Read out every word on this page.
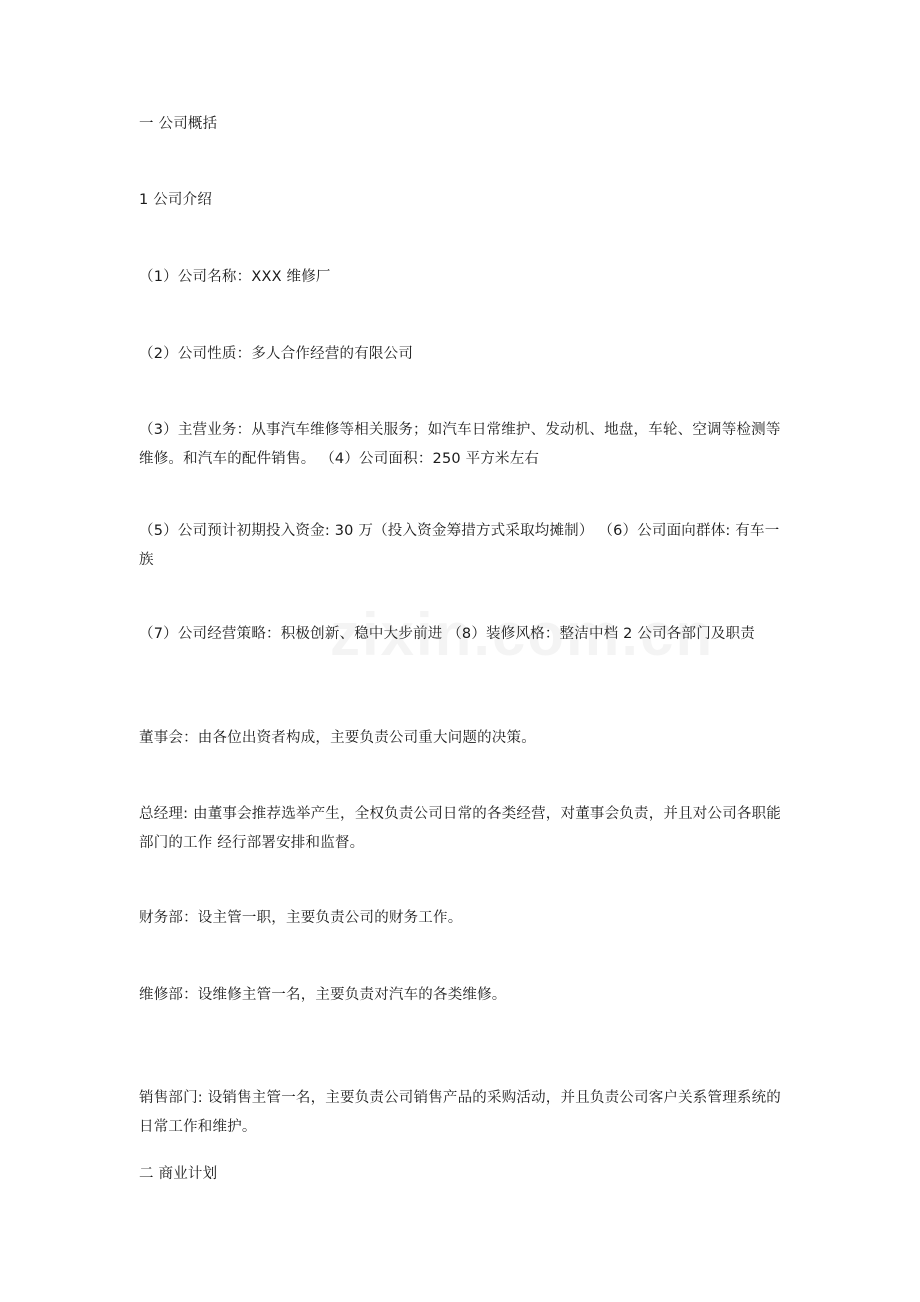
一 公司概括

1 公司介绍

（1）公司名称：XXX 维修厂

（2）公司性质：多人合作经营的有限公司

（3）主营业务：从事汽车维修等相关服务；如汽车日常维护、发动机、地盘，车轮、空调等检测等维修。和汽车的配件销售。 （4）公司面积：250 平方米左右

（5）公司预计初期投入资金: 30 万（投入资金筹措方式采取均摊制） （6）公司面向群体: 有车一族

（7）公司经营策略：积极创新、稳中大步前进 （8）装修风格：整洁中档 2 公司各部门及职责

董事会：由各位出资者构成，主要负责公司重大问题的决策。

总经理: 由董事会推荐选举产生，全权负责公司日常的各类经营，对董事会负责，并且对公司各职能部门的工作 经行部署安排和监督。

财务部：设主管一职，主要负责公司的财务工作。

维修部：设维修主管一名，主要负责对汽车的各类维修。

销售部门: 设销售主管一名，主要负责公司销售产品的采购活动，并且负责公司客户关系管理系统的日常工作和维护。

二 商业计划
